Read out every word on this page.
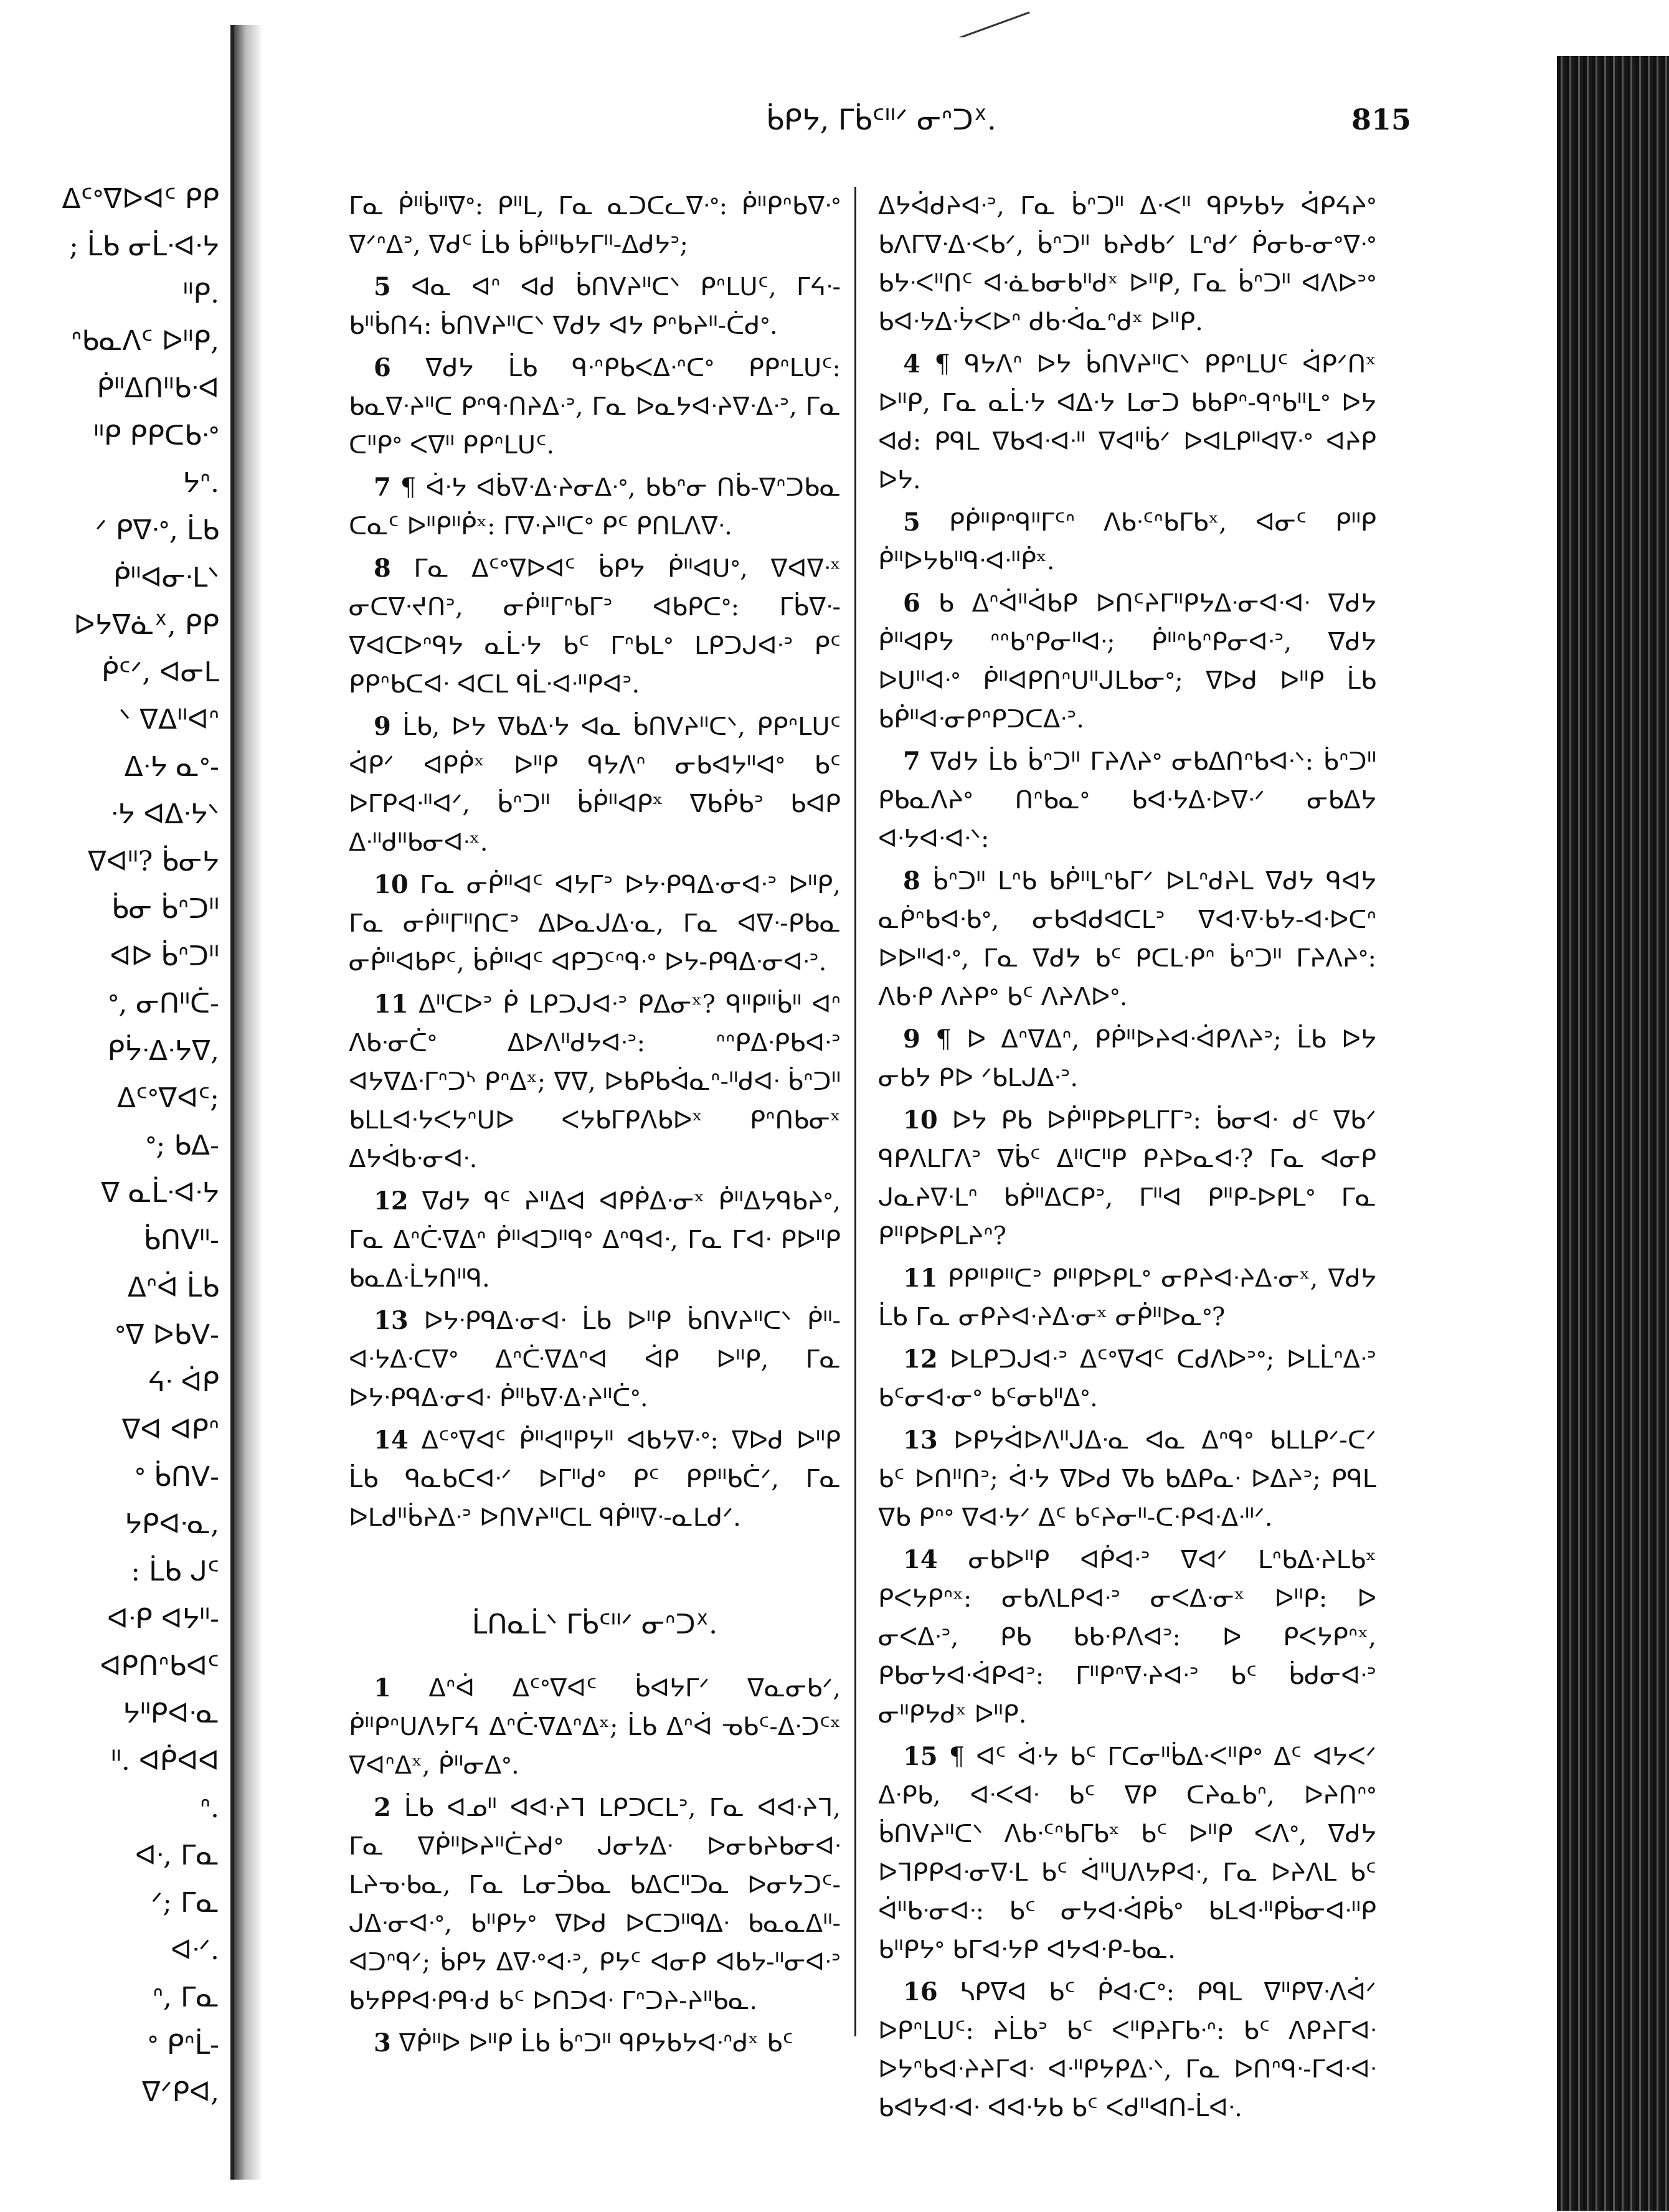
ᐃᑦᐤᐁᐅᐊᑦ ᑭᑭ
; ᒫᑲ ᓂᒫᐧᐊᐧᔭ
ᐦᑭ.
ᐢᑲᓇᐱᑦ ᐅᐦᑭ,
ᑮᐦᐃᑎᐦᑲᐧᐊ
ᐦᑭ ᑭᑭᑕᑲᐧᐤ
ᔭᐢ.
ᐟ ᑭᐁᐧᐤ, ᒫᑲ
ᑮᐦᐊᓂᐧᒪᐠ
ᐅᔭᐁᓈᕽ, ᑭᑭ
ᑮᑦᐟ, ᐊᓂᒪ
ᐠ ᐁᐃᐦᐊᐢ
ᐃᐧᔭ ᓇᐤ-
ᐧᔭ ᐊᐃᐧᔭᐠ
ᐁᐊᐦ? ᑳᓂᔭ
ᑳᓂ ᑳᐢᑐᐦ
ᐊᐅ ᑳᐢᑐᐦ
ᐤ, ᓂᑎᐦᑖ-
ᑭᔮᐧᐃᐧᔭᐁ,
ᐃᑦᐤᐁᐊᑦ;
ᐤ; ᑲᐃ-
ᐁ ᓇᒫᐧᐊᐧᔭ
ᑳᑎᐯᐦ-
ᐃᐢᐋ ᒫᑲ
ᐤᐁ ᐅᑲᐯ-
ᔦᐧ ᐋᑭ
ᐁᐊ ᐊᑭᐢ
ᐤ ᑳᑎᐯ-
ᔭᑭᐊᐧᓇ,
: ᒫᑲ ᒍᑦ
ᐊᐧᑭ ᐊᔭᐦ-
ᐊᑭᑎᐢᑲᐊᑦ
ᔭᐦᑭᐊᐧᓇ
ᐦ. ᐊᑮᐊᐊ
ᐢ.
ᐊᐧ, ᒥᓇ
ᐟ; ᒥᓇ
ᐊᐧᐟ.
ᐢ, ᒥᓇ
ᐤ ᑭᐢᒫ-
ᐁᐟᑭᐊ,
ᑳᑭᔭ, ᒥᑳᑦᐦᐟ ᓂᐢᑐᕽ.	815

ᒥᓇ ᑮᐦᑳᐦᐁᐤ: ᑭᐦᒪ, ᒥᓇ ᓇᑐᑕᓚᐁᐧᐤ: ᑮᐦᑭᐢᑲᐁᐧᐤ ᐁᐟᐢᐃᐣ, ᐁᑯᑦ ᒫᑲ ᑳᑮᐦᑲᔭᒥᐦ-ᐃᑯᔭᐣ;

5 ᐊᓇ ᐊᐢ ᐊᑯ ᑳᑎᐯᔨᐦᑕᐠ ᑭᐢᒪᑌᑦ, ᒥᔦᐧ-ᑲᐦᑳᑎᔦ: ᑳᑎᐯᔨᐦᑕᐠ ᐁᑯᔭ ᐊᔭ ᑭᐢᑲᔨᐦ-ᑖᑯᐤ.

6 ᐁᑯᔭ ᒫᑲ ᑫᐧᐢᑭᑲᐸᐃᐧᐢᑕᐤ ᑭᑭᐢᒪᑌᑦ: ᑲᓇᐁᐧᔨᐦᑕ ᑭᐢᑫᐧᑎᔨᐃᐧᐣ, ᒥᓇ ᐅᓇᔭᐊᐧᔨᐁᐧᐃᐧᐣ, ᒥᓇ ᑕᐦᑭᐤ ᐸᐁᐦ ᑭᑭᐢᒪᑌᑦ.

7 ¶ ᐋᐧᔭ ᐊᑳᐁᐧᐃᐧᔨᓂᐃᐧᐤ, ᑲᑲᐢᓂ ᑎᑳ-ᐁᐢᑐᑲᓇ ᑕᓇᑦ ᐅᐦᑭᐦᑮˣ: ᒥᐁᐧᔨᐦᑕᐤ ᑭᑦ ᑭᑎᒪᐱᐁᐧ.

8 ᒥᓇ ᐃᑦᐤᐁᐅᐊᑦ ᑳᑭᔭ ᑮᐦᐊᑌᐤ, ᐁᐊᐁᐧˣ ᓂᑕᐁᐧᔪᑎᐣ, ᓂᑮᐦᒥᐢᑲᒥᐣ ᐊᑲᑭᑕᐤ: ᒥᑳᐁᐧ-ᐁᐊᑕᐅᐢᑫᔭ ᓇᒫᐧᔭ ᑲᑦ ᒥᐢᑲᒪᐤ ᒪᑭᑐᒍᐊᐧᐣ ᑭᑦ ᑭᑭᐢᑲᑕᐊᐧ ᐊᑕᒪ ᑫᒫᐧᐊᐧᐦᑭᐊᐣ.

9 ᒫᑲ, ᐅᔭ ᐁᑲᐃᐧᔭ ᐊᓇ ᑳᑎᐯᔨᐦᑕᐠ, ᑭᑭᐢᒪᑌᑦ ᐋᑭᐟ ᐊᑭᑮˣ ᐅᐦᑭ ᑫᔭᐱᐢ ᓂᑲᐊᔭᐦᐊᐤ ᑲᑦ ᐅᒥᑭᐊᐧᐦᐊᐟ, ᑳᐢᑐᐦ ᑳᑮᐦᐊᑭˣ ᐁᑲᑮᑲᐣ ᑲᐊᑭ ᐃᐧᐦᑯᐦᑲᓂᐊᐧˣ.

10 ᒥᓇ ᓂᑮᐦᐊᑦ ᐊᔭᒥᐣ ᐅᔭᐧᑭᑫᐃᐧᓂᐊᐧᐣ ᐅᐦᑭ, ᒥᓇ ᓂᑮᐦᒥᐦᑎᑕᐣ ᐃᐅᓇᒍᐃᐧᓇ, ᒥᓇ ᐊᐁᐧ-ᑭᑲᓇ ᓂᑮᐦᐊᑲᑭᑦ, ᑳᑮᐦᐊᑦ ᐊᑭᑐᑦᐢᑫᐧᐤ ᐅᔭ-ᑭᑫᐃᐧᓂᐊᐧᐣ.

11 ᐃᐦᑕᐅᐣ ᑮ ᒪᑭᑐᒍᐊᐧᐣ ᑭᐃᓂˣ? ᑫᐦᑭᐦᑳᐦ ᐊᐢ ᐱᑲᐧᓂᑖᐤ ᐃᐅᐱᐦᑯᔭᐊᐧᐣ: ᐢᐢᑭᐃᐧᑭᑲᐊᐧᐣ ᐊᔭᐁᐃᐧᒥᐢᑐᔅ ᑭᐢᐃˣ; ᐁᐁ, ᐅᑲᑭᑲᐋᓇᐢ-ᐦᑯᐊᐧ ᑳᐢᑐᐦ ᑲᒪᒪᐊᐧᔭᐸᔭᐢᑌᐅ ᐸᔭᑲᒥᑭᐱᑲᐅˣ ᑭᐢᑎᑲᓂˣ ᐃᔭᐋᑲᐧᓂᐊᐧ.

12 ᐁᑯᔭ ᑫᑦ ᔨᐦᐃᐊ ᐊᑭᑮᐃᐧᓂˣ ᑮᐦᐃᔭᑫᑲᔨᐤ, ᒥᓇ ᐃᐢᑤᐁᐃᐢ ᑮᐦᐊᑐᐦᑫᐤ ᐃᐢᑫᐊᐧ, ᒥᓇ ᒥᐊᐧ ᑭᐅᐦᑭ ᑲᓇᐃᐧᒫᔭᑎᐦᑫ.

13 ᐅᔭᐧᑭᑫᐃᐧᓂᐊᐧ ᒫᑲ ᐅᐦᑭ ᑳᑎᐯᔨᐦᑕᐠ ᑮᐦ-ᐊᐧᔭᐃᐧᑕᐁᐤ ᐃᐢᑤᐁᐃᐢᐊ ᐋᑭ ᐅᐦᑭ, ᒥᓇ ᐅᔭᐧᑭᑫᐃᐧᓂᐊᐧ ᑮᐦᑲᐁᐧᐃᐧᔨᐦᑖᐤ.

14 ᐃᑦᐤᐁᐊᑦ ᑮᐦᐊᐦᑭᔭᐦ ᐊᑲᔭᐁᐧᐤ: ᐁᐅᑯ ᐅᐦᑭ ᒫᑲ ᑫᓇᑲᑕᐊᐧᐟ ᐅᒥᐦᑯᐤ ᑭᑦ ᑭᑭᐦᑲᑖᐟ, ᒥᓇ ᐅᒪᑯᐦᑳᔨᐃᐧᐣ ᐅᑎᐯᔨᐦᑕᒪ ᑫᑮᐦᐁᐧ-ᓇᒪᑯᐟ.

ᒫᑎᓇᒫᐠ ᒥᑳᑦᐦᐟ ᓂᐢᑐᕽ.

1 ᐃᐢᐋ ᐃᑦᐤᐁᐊᑦ ᑳᐊᔭᒥᐟ ᐁᓇᓂᑲᐟ, ᑮᐦᑭᐢᑌᐱᔭᒥᔦ ᐃᐢᑤᐁᐃᐢᐃˣ; ᒫᑲ ᐃᐢᐋ ᓀᑲᑦ-ᐃᐧᑐᑦˣ ᐁᐊᐢᐃˣ, ᑮᐦᓂᐃᐤ.

2 ᒫᑲ ᐊᓄᐦ ᐊᐊᐧᔨᒣ ᒪᑭᑐᑕᒪᐣ, ᒥᓇ ᐊᐊᐧᔨᒣ, ᒥᓇ ᐁᑮᐦᐅᔨᐦᑖᔨᑯᐤ ᒍᓂᔭᐃᐧ ᐅᓂᑲᔨᑲᓂᐊᐧ ᒪᔨᓀᐧᑲᓇ, ᒥᓇ ᒪᓂᑑᑲᓇ ᑲᐃᑕᐦᑐᓇ ᐅᓂᔭᑐᑦ-ᒍᐃᐧᓂᐊᐧᐤ, ᑲᐦᑭᔭᐤ ᐁᐅᑯ ᐅᑕᑐᐦᑫᐃᐧ ᑲᓇᓇᐃᐦ-ᐊᑐᐢᑫᐟ; ᑳᑭᔭ ᐃᐁᐧᐤᐊᐧᐣ, ᑭᔭᑦ ᐊᓂᑭ ᐊᑲᔭ-ᐦᓂᐊᐧᐣ ᑲᔭᑭᑭᐊᐧᑭᑫᐧᑯ ᑲᑦ ᐅᑎᑐᐊᐧ ᒥᐢᑐᔨ-ᔨᐦᑲᓇ.

3 ᐁᑮᐦᐅ ᐅᐦᑭ ᒫᑲ ᑳᐢᑐᐦ ᑫᑭᔭᑲᔭᐊᐧᐢᑯˣ ᑲᑦ

ᐃᔭᐋᑯᔨᐊᐧᐣ, ᒥᓇ ᑳᐢᑐᐦ ᐃᐧᐸᐦ ᑫᑭᔭᑲᔭ ᐋᑭᔦᔨᐤ ᑲᐱᒥᐁᐧᐃᐧᐸᑲᐟ, ᑳᐢᑐᐦ ᑲᔨᑯᑲᐟ ᒪᐢᑯᐟ ᑮᓂᑲ-ᓂᐤᐁᐧᐤ ᑲᔭᐧᐸᐦᑎᑦ ᐊᐧᓈᑲᓂᑲᐦᑯˣ ᐅᐦᑭ, ᒥᓇ ᑳᐢᑐᐦ ᐊᐱᐅᐣᐤ ᑲᐊᐧᔭᐃᐧᔮᐸᐅᐢ ᑯᑲᐧᐋᓇᐢᑯˣ ᐅᐦᑭ.

4 ¶ ᑫᔭᐱᐢ ᐅᔭ ᑳᑎᐯᔨᐦᑕᐠ ᑭᑭᐢᒪᑌᑦ ᐋᑭᐟᑎˣ ᐅᐦᑭ, ᒥᓇ ᓇᒫᐧᔭ ᐊᐃᐧᔭ ᒪᓂᑐ ᑲᑲᑭᐢ-ᑫᐢᑲᐦᒪᐤ ᐅᔭ ᐊᑯ: ᑭᑫᒪ ᐁᑲᐊᐧᐊᐧᐦ ᐁᐊᐦᑳᐟ ᐅᐊᒪᑭᐦᐊᐁᐧᐤ ᐊᔨᑭ ᐅᔭ.

5 ᑭᑮᐦᑭᐢᑫᐦᒥᑦᐢ ᐱᑲᐧᑦᐢᑲᒥᑲˣ, ᐊᓂᑦ ᑭᐦᑭ ᑮᐦᐅᔭᑲᐦᑫᐧᐊᐧᐦᑮˣ.

6 ᑲ ᐃᐢᐋᐦᐋᑲᑭ ᐅᑎᑦᔨᒥᐦᑭᔭᐃᐧᓂᐊᐧᐊᐧ ᐁᑯᔭ ᑮᐦᐊᑭᔭ ᐢᐢᑲᐢᑭᓂᐦᐊᐧ; ᑮᐦᐢᑲᐢᑭᓂᐊᐧᐣ, ᐁᑯᔭ ᐅᑌᐦᐊᐧᐤ ᑮᐦᐊᑭᑎᐢᑌᐦᒍᒪᑲᓂᐤ; ᐁᐅᑯ ᐅᐦᑭ ᒫᑲ ᑲᑮᐦᐊᐧᓂᑭᐢᑭᑐᑕᐃᐧᐣ.

7 ᐁᑯᔭ ᒫᑲ ᑳᐢᑐᐦ ᒥᔨᐱᔨᐤ ᓂᑲᐃᑎᐢᑲᐊᐧᐠ: ᑳᐢᑐᐦ ᑭᑲᓇᐱᔨᐤ ᑎᐢᑲᓇᐤ ᑲᐊᐧᔭᐃᐧᐅᐁᐧᐟ ᓂᑲᐃᔭ ᐊᐧᔭᐊᐧᐊᐧᐠ:

8 ᑳᐢᑐᐦ ᒪᐢᑲ ᑲᑮᐦᒪᐢᑲᒥᐟ ᐅᒪᐢᑯᔨᒪ ᐁᑯᔭ ᑫᐊᔭ ᓇᑮᐢᑲᐊᐧᑲᐤ, ᓂᑲᐊᑯᐊᑕᒪᐣ ᐁᐊᐧᐁᐧᑲᔭ-ᐊᐧᐅᑕᐢ ᐅᐅᐦᐊᐧᐤ, ᒥᓇ ᐁᑯᔭ ᑲᑦ ᑭᑕᒪᐧᑭᐢ ᑳᐢᑐᐦ ᒥᔨᐱᔨᐤ: ᐱᑲᐧᑭ ᐱᔨᑭᐤ ᑲᑦ ᐱᔨᐱᐅᐤ.

9 ¶ ᐅ ᐃᐢᐁᐃᐢ, ᑭᑮᐦᐅᔨᐊᐧᐋᑭᐱᔨᐣ; ᒫᑲ ᐅᔭ ᓂᑲᔭ ᑭᐅ ᐟᑲᒪᒍᐃᐧᐣ.

10 ᐅᔭ ᑭᑲ ᐅᑮᐦᑭᐅᑭᒪᒥᒥᐣ: ᑳᓂᐊᐧ ᑯᑦ ᐁᑲᐟ ᑫᑭᐱᒪᒥᐱᐣ ᐁᑳᑦ ᐃᐦᑕᐦᑭ ᑭᔨᐅᓇᐊᐧ? ᒥᓇ ᐊᓂᑭ ᒍᓇᔨᐁᐧᒪᐢ ᑲᑮᐦᐃᑕᑭᐣ, ᒥᐦᐊ ᑭᐦᑭ-ᐅᑭᒪᐤ ᒥᓇ ᑭᐦᑭᐅᑭᒪᔨᐢ?

11 ᑭᑭᐦᑭᐦᑕᐣ ᑭᐦᑭᐅᑭᒪᐤ ᓂᑭᔨᐊᐧᔨᐃᐧᓂˣ, ᐁᑯᔭ ᒫᑲ ᒥᓇ ᓂᑭᔨᐊᐧᔨᐃᐧᓂˣ ᓂᑮᐦᐅᓇᐤ?

12 ᐅᒪᑭᑐᒍᐊᐧᐣ ᐃᑦᐤᐁᐊᑦ ᑕᑯᐱᐅᐣᐤ; ᐅᒪᒫᐢᐃᐧᐣ ᑲᑦᓂᐊᐧᓂᐤ ᑲᑦᓂᑲᐦᐃᐤ.

13 ᐅᑭᔭᐋᐅᐱᐦᒍᐃᐧᓇ ᐊᓇ ᐃᐢᑫᐤ ᑲᒪᒪᑭᐟ-ᑕᐟ ᑲᑦ ᐅᑎᐦᑎᐣ; ᐋᐧᔭ ᐁᐅᑯ ᐁᑲ ᑲᐃᑭᓇᐧ ᐅᐃᔨᐣ; ᑭᑫᒪ ᐁᑲ ᑭᐢᐤ ᐁᐊᐧᔭᐟ ᐃᑦ ᑲᑦᔨᓂᐦ-ᑕᐧᑭᐊᐧᐃᐧᐦᐟ.

14 ᓂᑲᐅᐦᑭ ᐊᑮᐊᐧᐣ ᐁᐊᐟ ᒪᐢᑲᐃᐧᔨᒪᑲˣ ᑭᐸᔭᑭᐢˣ: ᓂᑲᐱᒪᑭᐊᐧᐣ ᓂᐸᐃᐧᓂˣ ᐅᐦᑭ: ᐅ ᓂᐸᐃᐧᐣ, ᑭᑲ ᑲᑲᐧᑭᐱᐊᐣ: ᐅ ᑭᐸᔭᑭᐢˣ, ᑭᑲᓂᔭᐊᐧᐋᑭᐊᐣ: ᒥᐦᑭᐢᐁᐧᔨᐊᐧᐣ ᑲᑦ ᑳᑯᓂᐊᐧᐣ ᓂᐦᑭᔭᑯˣ ᐅᐦᑭ.

15 ¶ ᐊᑦ ᐋᐧᔭ ᑲᑦ ᒥᑕᓂᐦᑳᐃᐧᐸᐦᑭᐤ ᐃᑦ ᐊᔭᐸᐟ ᐃᐧᑭᑲ, ᐊᐧᐸᐊᐧ ᑲᑦ ᐁᑭ ᑕᔨᓇᑲᐢ, ᐅᔨᑎᐢᐤ ᑳᑎᐯᔨᐦᑕᐠ ᐱᑲᐧᑦᐢᑲᒥᑲˣ ᑲᑦ ᐅᐦᑭ ᐸᐱᐤ, ᐁᑯᔭ ᐅᒣᑭᑭᐊᐧᓂᐁᐧᒪ ᑲᑦ ᐋᐦᑌᐱᔭᑭᐊᐧ, ᒥᓇ ᐅᔨᐱᒪ ᑲᑦ ᐋᐦᑲᐧᓂᐊᐧ: ᑲᑦ ᓂᔭᐊᐧᐋᑭᑳᐤ ᑲᒪᐊᐧᐦᑭᑳᓂᐊᐧᐦᑭ ᑲᐦᑭᔭᐤ ᑲᒥᐊᐧᔭᑭ ᐊᔭᐊᐧᑭ-ᑲᓇ.

16 ᓴᑭᐁᐊ ᑲᑦ ᑮᐊᐧᑕᐤ: ᑭᑫᒪ ᐁᐦᑭᐁᐧᐱᐋᐟ ᐅᑭᐢᒪᑌᑦ: ᔨᒫᑲᐣ ᑲᑦ ᐸᐦᑭᔨᒥᑲᐧᐢ: ᑲᑦ ᐱᑭᔨᒥᐊᐧ ᐅᔭᐢᑲᐊᐧᔨᔨᒥᐊᐧ ᐊᐧᐦᑭᔭᑭᐃᐧᐠ, ᒥᓇ ᐅᑎᐢᑫᐧ-ᒥᐊᐧᐊᐧ ᑲᐊᔭᐊᐧᐊᐧ ᐊᐊᐧᔭᑲ ᑲᑦ ᐸᑯᐦᐊᑎ-ᒫᐊᐧ.
